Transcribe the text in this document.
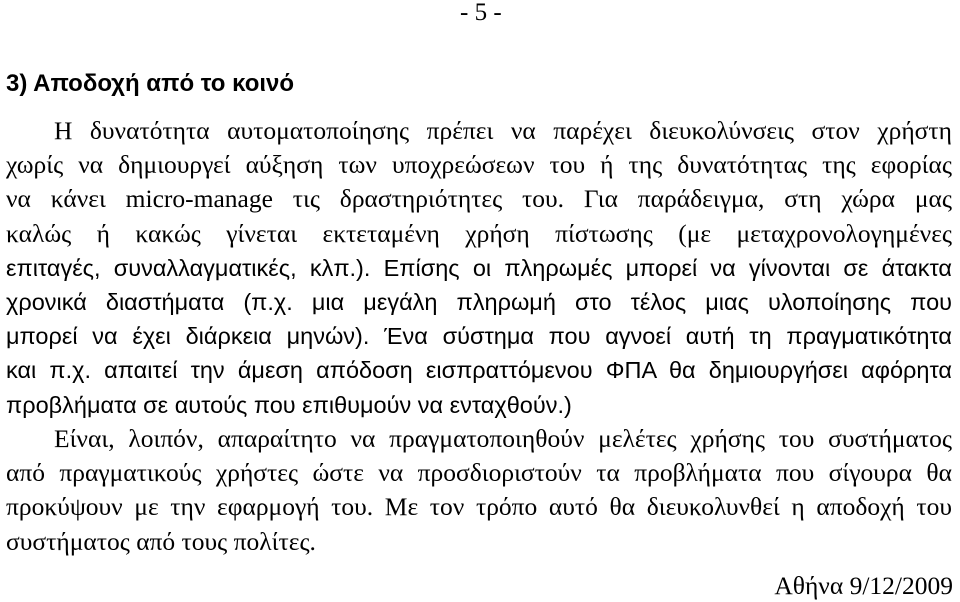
- 5 -
3) Αποδοχή από το κοινό
Η δυνατότητα αυτοματοποίησης πρέπει να παρέχει διευκολύνσεις στον χρήστη
χωρίς να δημιουργεί αύξηση των υποχρεώσεων του ή της δυνατότητας της εφορίας
να κάνει micro-manage τις δραστηριότητες του. Για παράδειγμα, στη χώρα μας
καλώς ή κακώς γίνεται εκτεταμένη χρήση πίστωσης (με μεταχρονολογημένες
επιταγές, συναλλαγματικές, κλπ.). Επίσης οι πληρωμές μπορεί να γίνονται σε άτακτα
χρονικά διαστήματα (π.χ. μια μεγάλη πληρωμή στο τέλος μιας υλοποίησης που
μπορεί να έχει διάρκεια μηνών). Ένα σύστημα που αγνοεί αυτή τη πραγματικότητα
και π.χ. απαιτεί την άμεση απόδοση εισπραττόμενου ΦΠΑ θα δημιουργήσει αφόρητα
προβλήματα σε αυτούς που επιθυμούν να ενταχθούν.)
Είναι, λοιπόν, απαραίτητο να πραγματοποιηθούν μελέτες χρήσης του συστήματος
από πραγματικούς χρήστες ώστε να προσδιοριστούν τα προβλήματα που σίγουρα θα
προκύψουν με την εφαρμογή του. Με τον τρόπο αυτό θα διευκολυνθεί η αποδοχή του
συστήματος από τους πολίτες.
Αθήνα 9/12/2009
